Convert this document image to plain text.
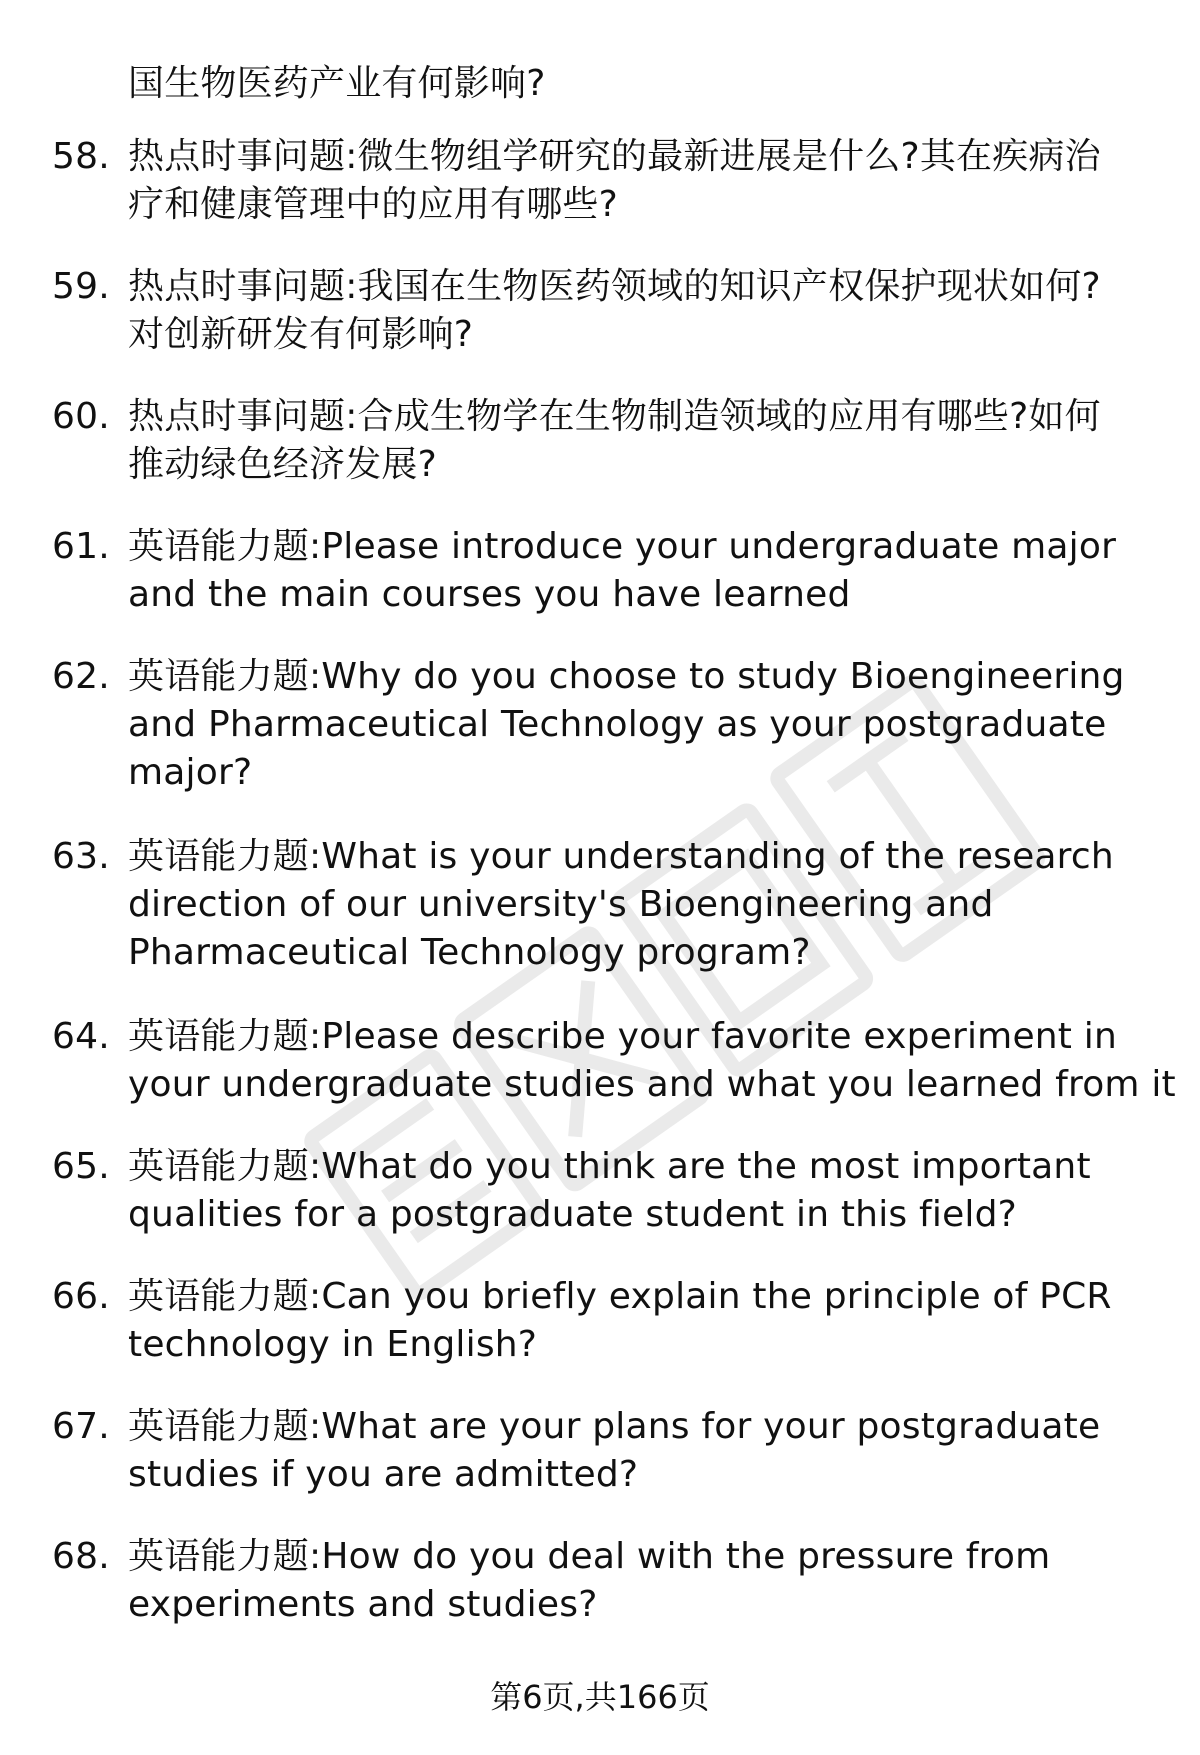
国生物医药产业有何影响?
58. 热点时事问题:微生物组学研究的最新进展是什么?其在疾病治
疗和健康管理中的应用有哪些?
59. 热点时事问题:我国在生物医药领域的知识产权保护现状如何?
对创新研发有何影响?
60. 热点时事问题:合成生物学在生物制造领域的应用有哪些?如何
推动绿色经济发展?
61. 英语能力题:Please introduce your undergraduate major
and the main courses you have learned
62. 英语能力题:Why do you choose to study Bioengineering
and Pharmaceutical Technology as your postgraduate
major?
63. 英语能力题:What is your understanding of the research
direction of our university's Bioengineering and
Pharmaceutical Technology program?
64. 英语能力题:Please describe your favorite experiment in
your undergraduate studies and what you learned from it
65. 英语能力题:What do you think are the most important
qualities for a postgraduate student in this field?
66. 英语能力题:Can you briefly explain the principle of PCR
technology in English?
67. 英语能力题:What are your plans for your postgraduate
studies if you are admitted?
68. 英语能力题:How do you deal with the pressure from
experiments and studies?
第6页,共166页
